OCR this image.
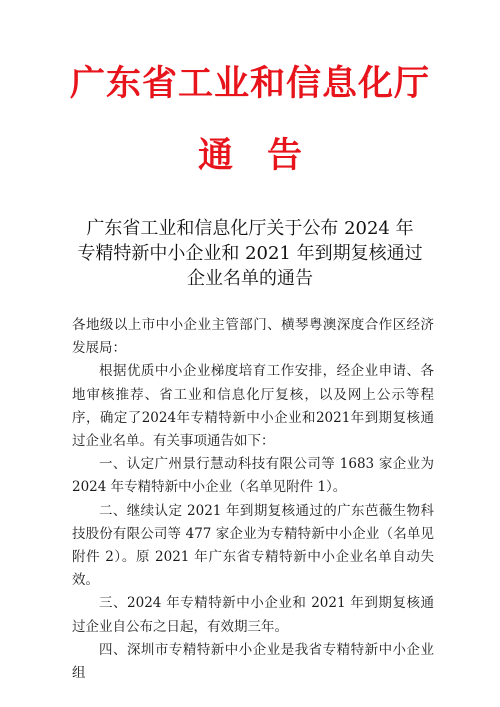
广东省工业和信息化厅
通告
广东省工业和信息化厅关于公布 2024 年
专精特新中小企业和 2021 年到期复核通过
企业名单的通告

各地级以上市中小企业主管部门、横琴粤澳深度合作区经济发展局：

根据优质中小企业梯度培育工作安排，经企业申请、各地审核推荐、省工业和信息化厅复核，以及网上公示等程序，确定了2024年专精特新中小企业和2021年到期复核通过企业名单。有关事项通告如下：

一、认定广州景行慧动科技有限公司等 1683 家企业为 2024 年专精特新中小企业（名单见附件 1）。

二、继续认定 2021 年到期复核通过的广东芭薇生物科技股份有限公司等 477 家企业为专精特新中小企业（名单见附件 2）。原 2021 年广东省专精特新中小企业名单自动失效。

三、2024 年专精特新中小企业和 2021 年到期复核通过企业自公布之日起，有效期三年。

四、深圳市专精特新中小企业是我省专精特新中小企业组
